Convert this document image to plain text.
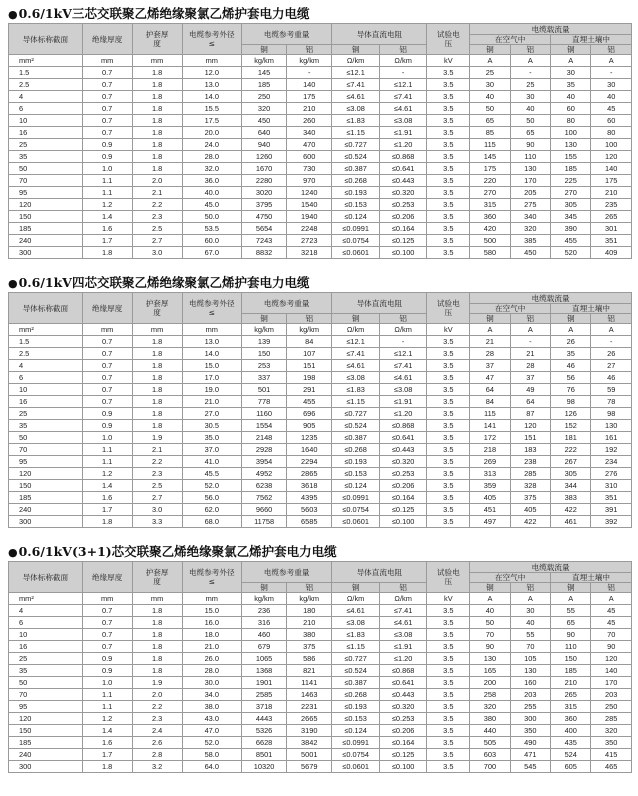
●0.6/1kV三芯交联聚乙烯绝缘聚氯乙烯护套电力电缆
导体标称截面	绝缘厚度	护套厚度	电缆参考外径≤	电缆参考重量		导体直流电阻		试验电压	电缆载流量			
									在空气中		直埋土壤中	
				铜	铝	铜	铝		铜	铝	铜	铝
mm²	mm	mm	mm	kg/km	kg/km	Ω/km	Ω/km	kV	A	A	A	A
1.5	0.7	1.8	12.0	145	-	≤12.1	-	3.5	25	-	30	-
2.5	0.7	1.8	13.0	185	140	≤7.41	≤12.1	3.5	30	25	35	30
4	0.7	1.8	14.0	250	175	≤4.61	≤7.41	3.5	40	30	40	40
6	0.7	1.8	15.5	320	210	≤3.08	≤4.61	3.5	50	40	60	45
10	0.7	1.8	17.5	450	260	≤1.83	≤3.08	3.5	65	50	80	60
16	0.7	1.8	20.0	640	340	≤1.15	≤1.91	3.5	85	65	100	80
25	0.9	1.8	24.0	940	470	≤0.727	≤1.20	3.5	115	90	130	100
35	0.9	1.8	28.0	1260	600	≤0.524	≤0.868	3.5	145	110	155	120
50	1.0	1.8	32.0	1670	730	≤0.387	≤0.641	3.5	175	130	185	140
70	1.1	2.0	36.0	2280	970	≤0.268	≤0.443	3.5	220	170	225	175
95	1.1	2.1	40.0	3020	1240	≤0.193	≤0.320	3.5	270	205	270	210
120	1.2	2.2	45.0	3795	1540	≤0.153	≤0.253	3.5	315	275	305	235
150	1.4	2.3	50.0	4750	1940	≤0.124	≤0.206	3.5	360	340	345	265
185	1.6	2.5	53.5	5654	2248	≤0.0991	≤0.164	3.5	420	320	390	301
240	1.7	2.7	60.0	7243	2723	≤0.0754	≤0.125	3.5	500	385	455	351
300	1.8	3.0	67.0	8832	3218	≤0.0601	≤0.100	3.5	580	450	520	409
●0.6/1kV四芯交联聚乙烯绝缘聚氯乙烯护套电力电缆
导体标称截面	绝缘厚度	护套厚度	电缆参考外径≤	电缆参考重量		导体直流电阻		试验电压	电缆载流量			
									在空气中		直埋土壤中	
				铜	铝	铜	铝		铜	铝	铜	铝
mm²	mm	mm	mm	kg/km	kg/km	Ω/km	Ω/km	kV	A	A	A	A
1.5	0.7	1.8	13.0	139	84	≤12.1	-	3.5	21	-	26	-
2.5	0.7	1.8	14.0	150	107	≤7.41	≤12.1	3.5	28	21	35	26
4	0.7	1.8	15.0	253	151	≤4.61	≤7.41	3.5	37	28	46	27
6	0.7	1.8	17.0	337	198	≤3.08	≤4.61	3.5	47	37	56	46
10	0.7	1.8	19.0	501	291	≤1.83	≤3.08	3.5	64	49	76	59
16	0.7	1.8	21.0	778	455	≤1.15	≤1.91	3.5	84	64	98	78
25	0.9	1.8	27.0	1160	696	≤0.727	≤1.20	3.5	115	87	126	98
35	0.9	1.8	30.5	1554	905	≤0.524	≤0.868	3.5	141	120	152	130
50	1.0	1.9	35.0	2148	1235	≤0.387	≤0.641	3.5	172	151	181	161
70	1.1	2.1	37.0	2928	1640	≤0.268	≤0.443	3.5	218	183	222	192
95	1.1	2.2	41.0	3954	2294	≤0.193	≤0.320	3.5	269	238	267	234
120	1.2	2.3	45.5	4952	2865	≤0.153	≤0.253	3.5	313	285	305	276
150	1.4	2.5	52.0	6238	3618	≤0.124	≤0.206	3.5	359	328	344	310
185	1.6	2.7	56.0	7562	4395	≤0.0991	≤0.164	3.5	405	375	383	351
240	1.7	3.0	62.0	9660	5603	≤0.0754	≤0.125	3.5	451	405	422	391
300	1.8	3.3	68.0	11758	6585	≤0.0601	≤0.100	3.5	497	422	461	392
●0.6/1kV(3+1)芯交联聚乙烯绝缘聚氯乙烯护套电力电缆
导体标称截面	绝缘厚度	护套厚度	电缆参考外径≤	电缆参考重量		导体直流电阻		试验电压	电缆载流量			
									在空气中		直埋土壤中	
				铜	铝	铜	铝		铜	铝	铜	铝
mm²	mm	mm	mm	kg/km	kg/km	Ω/km	Ω/km	kV	A	A	A	A
4	0.7	1.8	15.0	236	180	≤4.61	≤7.41	3.5	40	30	55	45
6	0.7	1.8	16.0	316	210	≤3.08	≤4.61	3.5	50	40	65	45
10	0.7	1.8	18.0	460	380	≤1.83	≤3.08	3.5	70	55	90	70
16	0.7	1.8	21.0	679	375	≤1.15	≤1.91	3.5	90	70	110	90
25	0.9	1.8	26.0	1065	586	≤0.727	≤1.20	3.5	130	105	150	120
35	0.9	1.8	28.0	1368	821	≤0.524	≤0.868	3.5	165	130	185	140
50	1.0	1.9	30.0	1901	1141	≤0.387	≤0.641	3.5	200	160	210	170
70	1.1	2.0	34.0	2585	1463	≤0.268	≤0.443	3.5	258	203	265	203
95	1.1	2.2	38.0	3718	2231	≤0.193	≤0.320	3.5	320	255	315	250
120	1.2	2.3	43.0	4443	2665	≤0.153	≤0.253	3.5	380	300	360	285
150	1.4	2.4	47.0	5326	3190	≤0.124	≤0.206	3.5	440	350	400	320
185	1.6	2.6	52.0	6628	3842	≤0.0991	≤0.164	3.5	505	490	435	350
240	1.7	2.8	58.0	8501	5001	≤0.0754	≤0.125	3.5	603	471	524	415
300	1.8	3.2	64.0	10320	5679	≤0.0601	≤0.100	3.5	700	545	605	465
